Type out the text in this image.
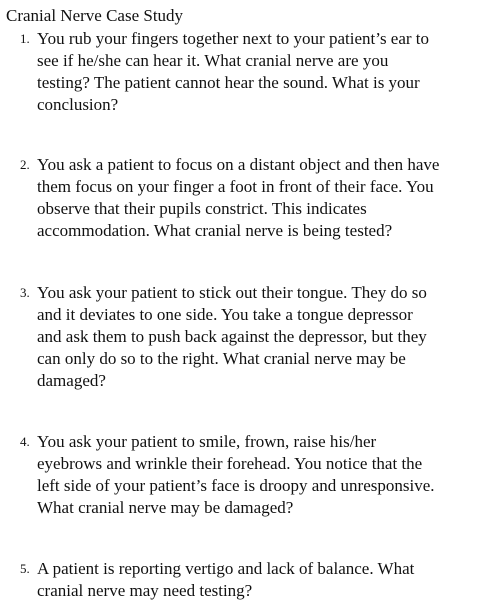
Cranial Nerve Case Study
1. You rub your fingers together next to your patient’s ear to
see if he/she can hear it. What cranial nerve are you
testing? The patient cannot hear the sound. What is your
conclusion?
2. You ask a patient to focus on a distant object and then have
them focus on your finger a foot in front of their face. You
observe that their pupils constrict. This indicates
accommodation. What cranial nerve is being tested?
3. You ask your patient to stick out their tongue. They do so
and it deviates to one side. You take a tongue depressor
and ask them to push back against the depressor, but they
can only do so to the right. What cranial nerve may be
damaged?
4. You ask your patient to smile, frown, raise his/her
eyebrows and wrinkle their forehead. You notice that the
left side of your patient’s face is droopy and unresponsive.
What cranial nerve may be damaged?
5. A patient is reporting vertigo and lack of balance. What
cranial nerve may need testing?
